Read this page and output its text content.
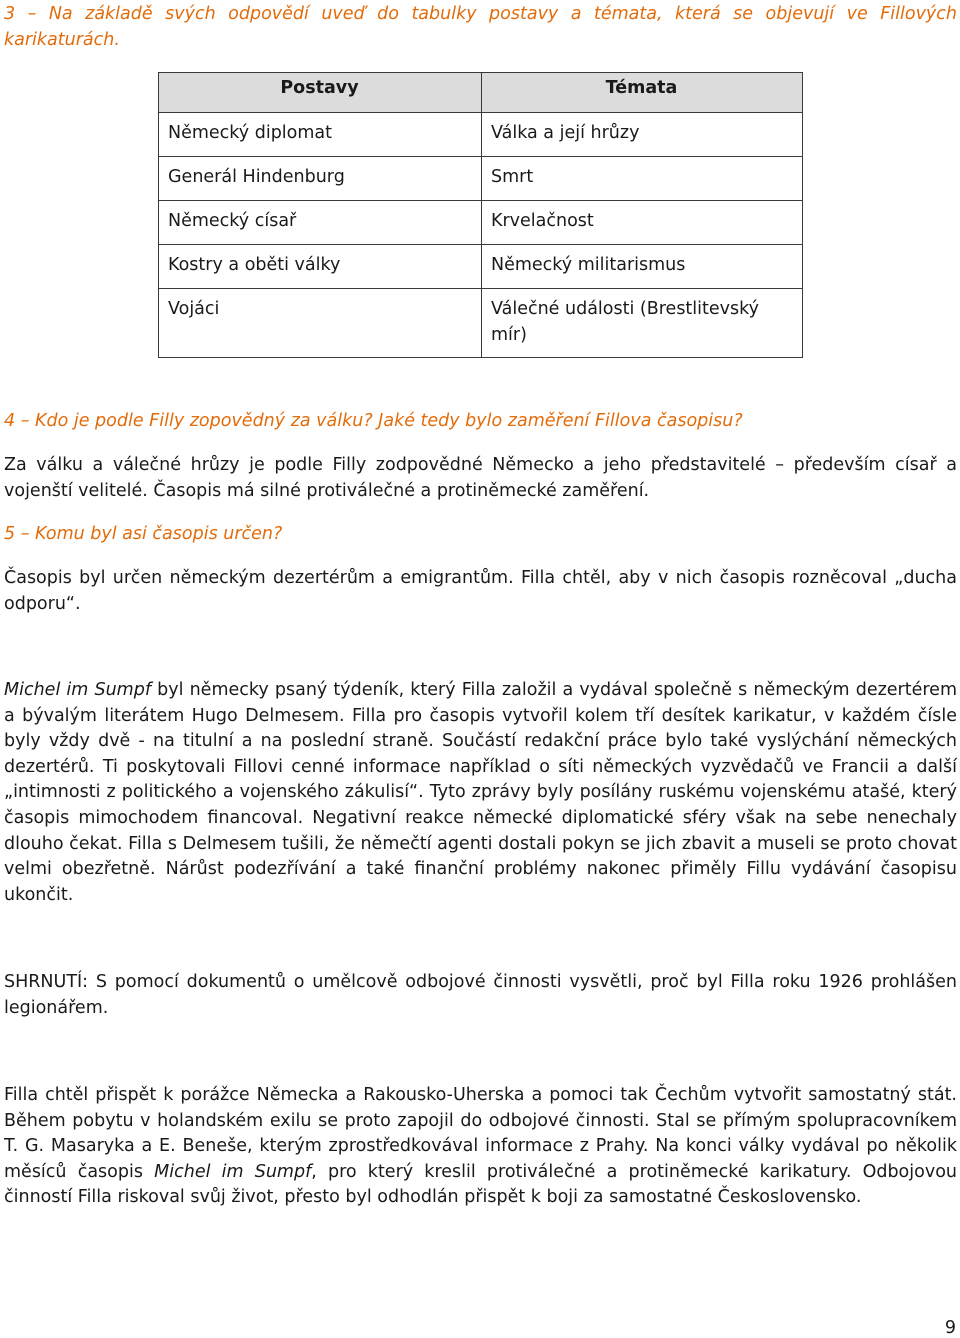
3 – Na základě svých odpovědí uveď do tabulky postavy a témata, která se objevují ve Fillových karikaturách.

Postavy	Témata
Německý diplomat	Válka a její hrůzy
Generál Hindenburg	Smrt
Německý císař	Krvelačnost
Kostry a oběti války	Německý militarismus
Vojáci	Válečné události (Brestlitevský mír)

4 – Kdo je podle Filly zopovědný za válku? Jaké tedy bylo zaměření Fillova časopisu?

Za válku a válečné hrůzy je podle Filly zodpovědné Německo a jeho představitelé – především císař a vojenští velitelé. Časopis má silné protiválečné a protiněmecké zaměření.

5 – Komu byl asi časopis určen?

Časopis byl určen německým dezertérům a emigrantům. Filla chtěl, aby v nich časopis rozněcoval „ducha odporu“.

Michel im Sumpf byl německy psaný týdeník, který Filla založil a vydával společně s německým dezertérem a bývalým literátem Hugo Delmesem. Filla pro časopis vytvořil kolem tří desítek karikatur, v každém čísle byly vždy dvě - na titulní a na poslední straně. Součástí redakční práce bylo také vyslýchání německých dezertérů. Ti poskytovali Fillovi cenné informace například o síti německých vyzvědačů ve Francii a další „intimnosti z politického a vojenského zákulisí“. Tyto zprávy byly posílány ruskému vojenskému atašé, který časopis mimochodem financoval. Negativní reakce německé diplomatické sféry však na sebe nenechaly dlouho čekat. Filla s Delmesem tušili, že němečtí agenti dostali pokyn se jich zbavit a museli se proto chovat velmi obezřetně. Nárůst podezřívání a také finanční problémy nakonec přiměly Fillu vydávání časopisu ukončit.

SHRNUTÍ: S pomocí dokumentů o umělcově odbojové činnosti vysvětli, proč byl Filla roku 1926 prohlášen legionářem.

Filla chtěl přispět k porážce Německa a Rakousko-Uherska a pomoci tak Čechům vytvořit samostatný stát. Během pobytu v holandském exilu se proto zapojil do odbojové činnosti. Stal se přímým spolupracovníkem T. G. Masaryka a E. Beneše, kterým zprostředkovával informace z Prahy. Na konci války vydával po několik měsíců časopis Michel im Sumpf, pro který kreslil protiválečné a protiněmecké karikatury. Odbojovou činností Filla riskoval svůj život, přesto byl odhodlán přispět k boji za samostatné Československo.

9
